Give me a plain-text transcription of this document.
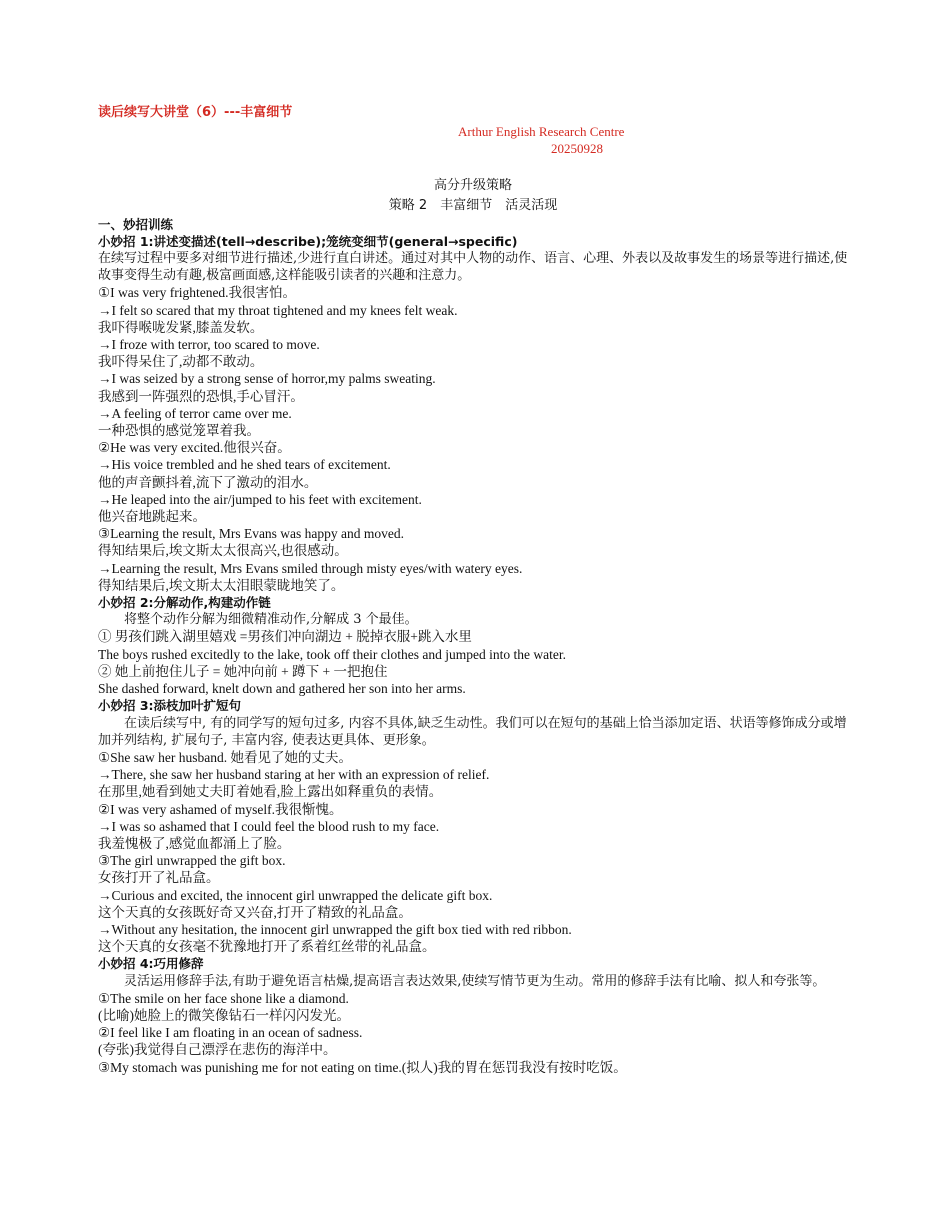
读后续写大讲堂（6）---丰富细节
Arthur English Research Centre
20250928
高分升级策略
策略 2　丰富细节　活灵活现
一、妙招训练
小妙招 1:讲述变描述(tell→describe);笼统变细节(general→specific)

在续写过程中要多对细节进行描述,少进行直白讲述。通过对其中人物的动作、语言、心理、外表以及故事发生的场景等进行描述,使故事变得生动有趣,极富画面感,这样能吸引读者的兴趣和注意力。

①I was very frightened.我很害怕。

→I felt so scared that my throat tightened and my knees felt weak.

我吓得喉咙发紧,膝盖发软。

→I froze with terror, too scared to move.

我吓得呆住了,动都不敢动。

→I was seized by a strong sense of horror,my palms sweating.

我感到一阵强烈的恐惧,手心冒汗。

→A feeling of terror came over me.

一种恐惧的感觉笼罩着我。

②He was very excited.他很兴奋。

→His voice trembled and he shed tears of excitement.

他的声音颤抖着,流下了激动的泪水。

→He leaped into the air/jumped to his feet with excitement.

他兴奋地跳起来。

③Learning the result, Mrs Evans was happy and moved.

得知结果后,埃文斯太太很高兴,也很感动。

→Learning the result, Mrs Evans smiled through misty eyes/with watery eyes.

得知结果后,埃文斯太太泪眼蒙眬地笑了。

小妙招 2:分解动作,构建动作链

将整个动作分解为细微精准动作,分解成 3 个最佳。

① 男孩们跳入湖里嬉戏 =男孩们冲向湖边 + 脱掉衣服+跳入水里

The boys rushed excitedly to the lake, took off their clothes and jumped into the water.

② 她上前抱住儿子 = 她冲向前 + 蹲下 + 一把抱住

She dashed forward, knelt down and gathered her son into her arms.

小妙招 3:添枝加叶扩短句

在读后续写中, 有的同学写的短句过多, 内容不具体,缺乏生动性。我们可以在短句的基础上恰当添加定语、状语等修饰成分或增加并列结构, 扩展句子, 丰富内容, 使表达更具体、更形象。

①She saw her husband. 她看见了她的丈夫。

→There, she saw her husband staring at her with an expression of relief.

在那里,她看到她丈夫盯着她看,脸上露出如释重负的表情。

②I was very ashamed of myself.我很惭愧。

→I was so ashamed that I could feel the blood rush to my face.

我羞愧极了,感觉血都涌上了脸。

③The girl unwrapped the gift box.

女孩打开了礼品盒。

→Curious and excited, the innocent girl unwrapped the delicate gift box.

这个天真的女孩既好奇又兴奋,打开了精致的礼品盒。

→Without any hesitation, the innocent girl unwrapped the gift box tied with red ribbon.

这个天真的女孩毫不犹豫地打开了系着红丝带的礼品盒。

小妙招 4:巧用修辞

灵活运用修辞手法,有助于避免语言枯燥,提高语言表达效果,使续写情节更为生动。常用的修辞手法有比喻、拟人和夸张等。

①The smile on her face shone like a diamond.

(比喻)她脸上的微笑像钻石一样闪闪发光。

②I feel like I am floating in an ocean of sadness.

(夸张)我觉得自己漂浮在悲伤的海洋中。

③My stomach was punishing me for not eating on time.(拟人)我的胃在惩罚我没有按时吃饭。
